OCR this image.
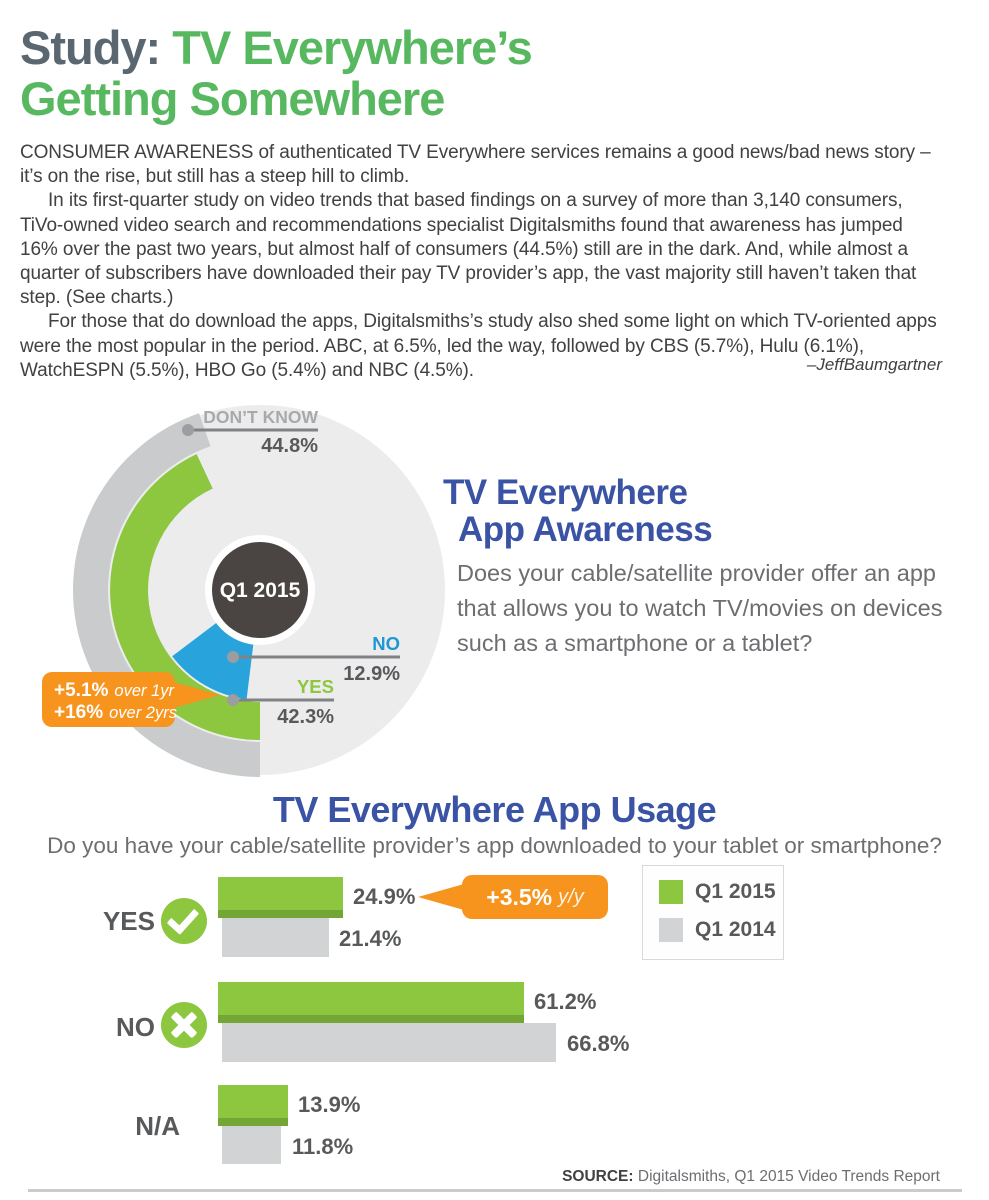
Study: TV Everywhere’s
Getting Somewhere

CONSUMER AWARENESS of authenticated TV Everywhere services remains a good news/bad news story – it’s on the rise, but still has a steep hill to climb.

In its first-quarter study on video trends that based findings on a survey of more than 3,140 consumers, TiVo-owned video search and recommendations specialist Digitalsmiths found that awareness has jumped 16% over the past two years, but almost half of consumers (44.5%) still are in the dark. And, while almost a quarter of subscribers have downloaded their pay TV provider’s app, the vast majority still haven’t taken that step. (See charts.)

For those that do download the apps, Digitalsmiths’s study also shed some light on which TV-oriented apps were the most popular in the period. ABC, at 6.5%, led the way, followed by CBS (5.7%), Hulu (6.1%), WatchESPN (5.5%), HBO Go (5.4%) and NBC (4.5%).	–JeffBaumgartner
Q1 2015
DON’T KNOW
44.8%
NO
12.9%
YES
42.3%
+5.1% over 1yr
+16% over 2yrs
TV Everywhere
App Awareness
Does your cable/satellite provider offer an app that allows you to watch TV/movies on devices such as a smartphone or a tablet?
TV Everywhere App Usage
Do you have your cable/satellite provider’s app downloaded to your tablet or smartphone?
YES
24.9%
21.4%
+3.5% y/y	Q1 2015
Q1 2014
NO
61.2%
66.8%
N/A
13.9%
11.8%
SOURCE: Digitalsmiths, Q1 2015 Video Trends Report
